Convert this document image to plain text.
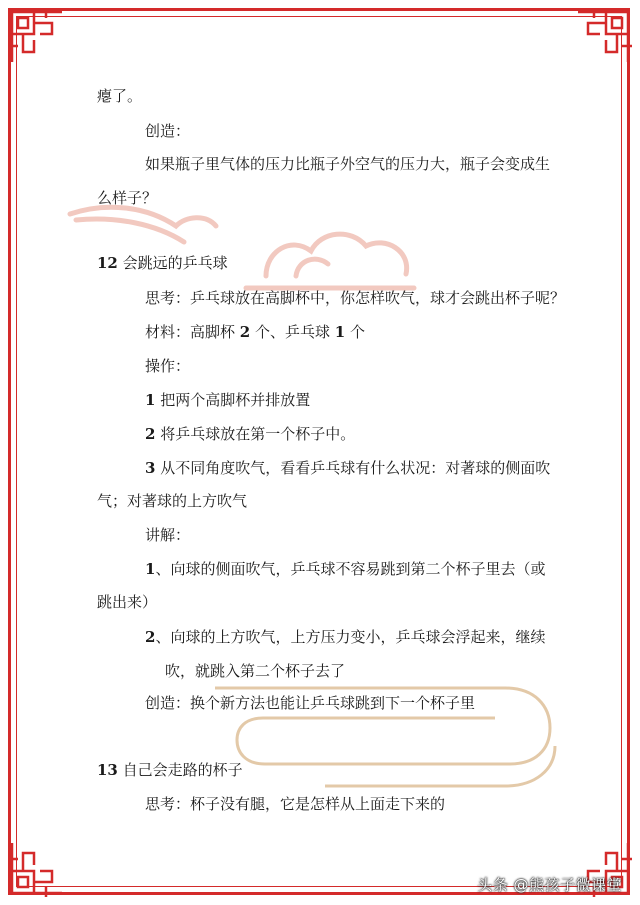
瘪了。
创造：
如果瓶子里气体的压力比瓶子外空气的压力大，瓶子会变成生
么样子？
12 会跳远的乒乓球
思考：乒乓球放在高脚杯中，你怎样吹气，球才会跳出杯子呢？
材料：高脚杯 2 个、乒乓球 1 个
操作：
1 把两个高脚杯并排放置
2 将乒乓球放在第一个杯子中。
3 从不同角度吹气，看看乒乓球有什么状况：对著球的侧面吹
气；对著球的上方吹气
讲解：
1、向球的侧面吹气，乒乓球不容易跳到第二个杯子里去（或
跳出来）
2、向球的上方吹气，上方压力变小，乒乓球会浮起来，继续
吹，就跳入第二个杯子去了
创造：换个新方法也能让乒乓球跳到下一个杯子里
13 自己会走路的杯子
思考：杯子没有腿，它是怎样从上面走下来的
头条 @熊孩子微课堂
